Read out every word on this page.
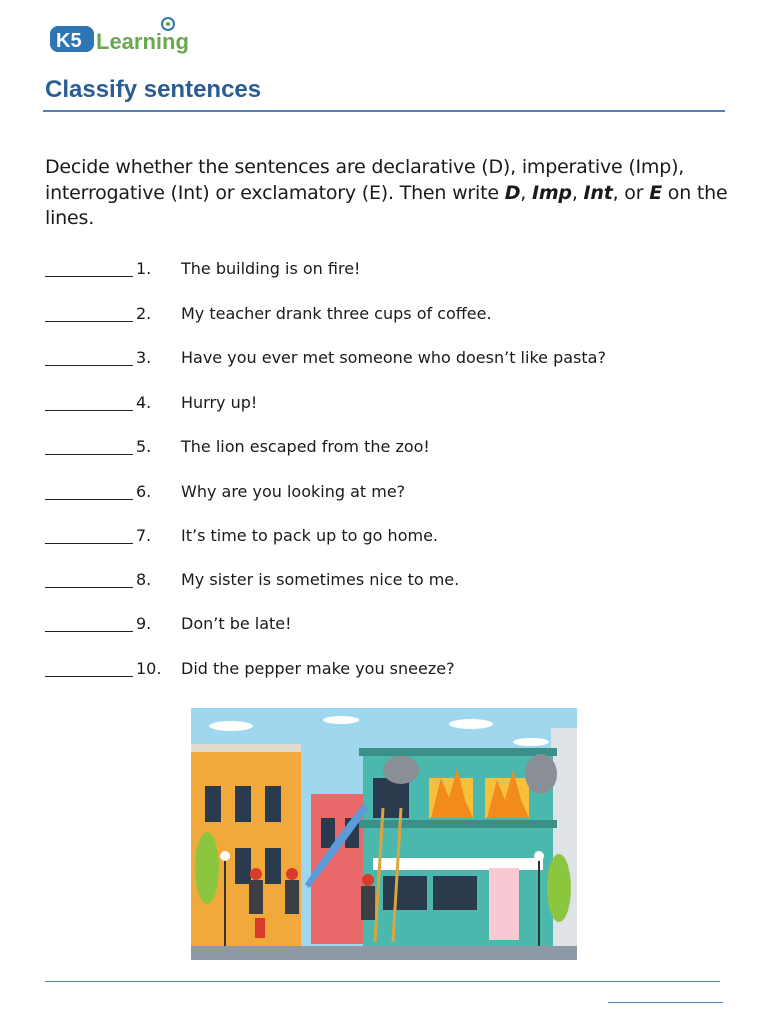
K5 Learning
Classify sentences
Decide whether the sentences are declarative (D), imperative (Imp), interrogative (Int) or exclamatory (E). Then write D, Imp, Int, or E on the lines.
1. The building is on fire!
2. My teacher drank three cups of coffee.
3. Have you ever met someone who doesn’t like pasta?
4. Hurry up!
5. The lion escaped from the zoo!
6. Why are you looking at me?
7. It’s time to pack up to go home.
8. My sister is sometimes nice to me.
9. Don’t be late!
10. Did the pepper make you sneeze?
